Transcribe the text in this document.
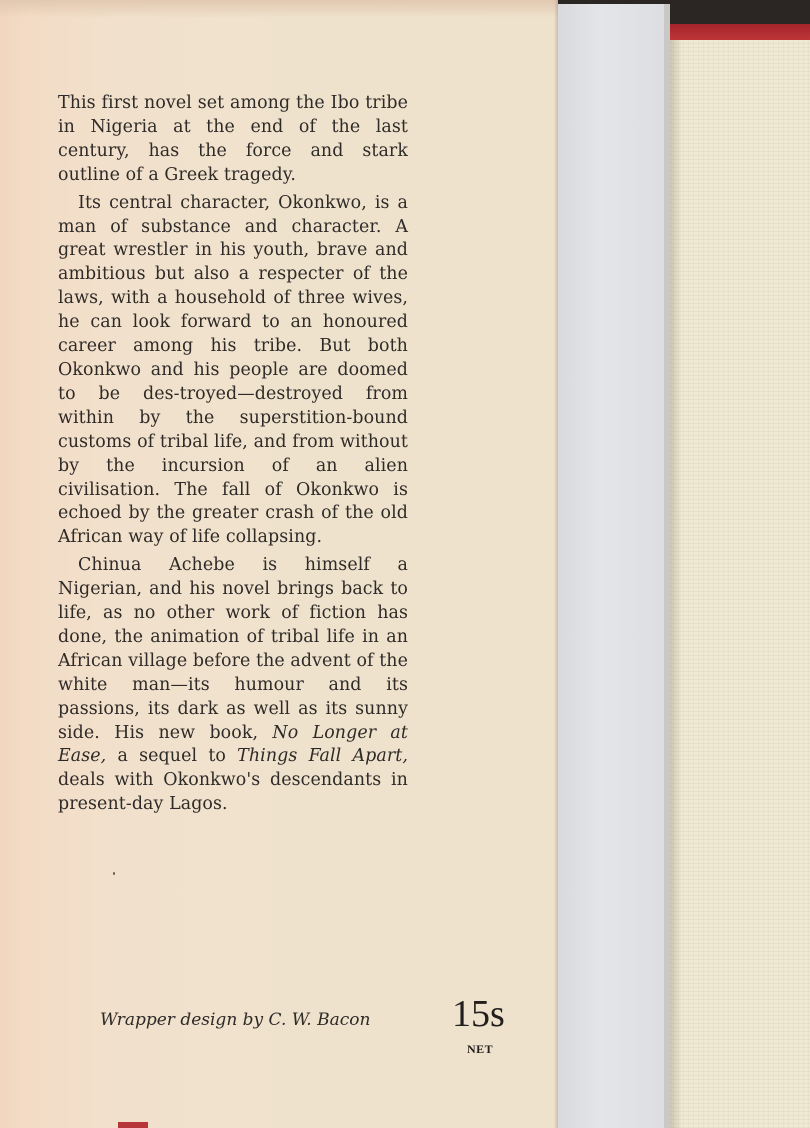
This first novel set among the Ibo tribe in Nigeria at the end of the last century, has the force and stark outline of a Greek tragedy.

Its central character, Okonkwo, is a man of substance and character. A great wrestler in his youth, brave and ambitious but also a respecter of the laws, with a household of three wives, he can look forward to an honoured career among his tribe. But both Okonkwo and his people are doomed to be des-troyed—destroyed from within by the superstition-bound customs of tribal life, and from without by the incursion of an alien civilisation. The fall of Okonkwo is echoed by the greater crash of the old African way of life collapsing.

Chinua Achebe is himself a Nigerian, and his novel brings back to life, as no other work of fiction has done, the animation of tribal life in an African village before the advent of the white man—its humour and its passions, its dark as well as its sunny side. His new book, No Longer at Ease, a sequel to Things Fall Apart, deals with Okonkwo's descendants in present-day Lagos.

Wrapper design by C. W. Bacon 15s
NET
